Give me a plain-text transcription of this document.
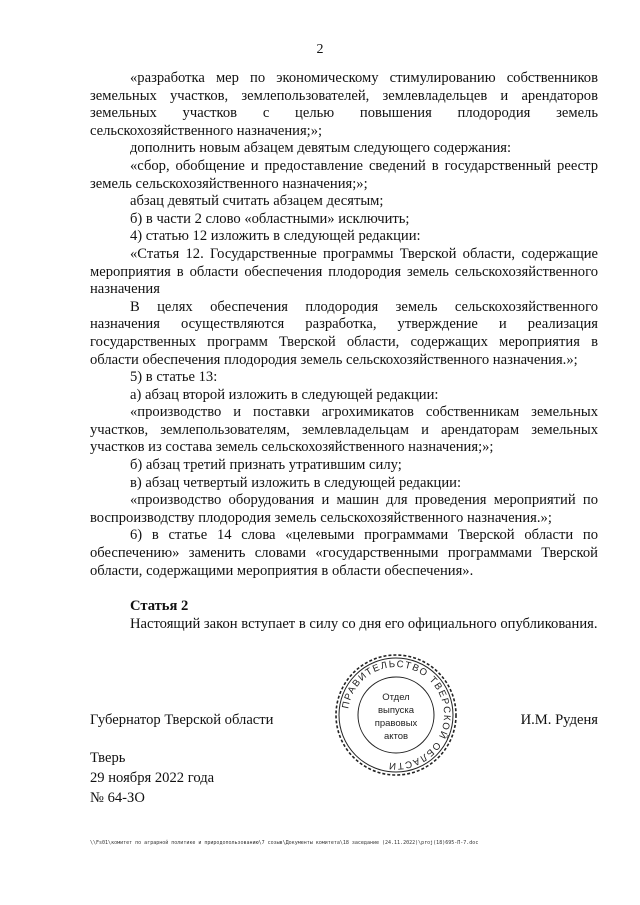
2

«разработка мер по экономическому стимулированию собственников земельных участков, землепользователей, землевладельцев и арендаторов земельных участков с целью повышения плодородия земель сельскохозяйственного назначения;»;

дополнить новым абзацем девятым следующего содержания:

«сбор, обобщение и предоставление сведений в государственный реестр земель сельскохозяйственного назначения;»;

абзац девятый считать абзацем десятым;

б) в части 2 слово «областными» исключить;

4) статью 12 изложить в следующей редакции:

«Статья 12. Государственные программы Тверской области, содержащие мероприятия в области обеспечения плодородия земель сельскохозяйственного назначения

В целях обеспечения плодородия земель сельскохозяйственного назначения осуществляются разработка, утверждение и реализация государственных программ Тверской области, содержащих мероприятия в области обеспечения плодородия земель сельскохозяйственного назначения.»;

5) в статье 13:

а) абзац второй изложить в следующей редакции:

«производство и поставки агрохимикатов собственникам земельных участков, землепользователям, землевладельцам и арендаторам земельных участков из состава земель сельскохозяйственного назначения;»;

б) абзац третий признать утратившим силу;

в) абзац четвертый изложить в следующей редакции:

«производство оборудования и машин для проведения мероприятий по воспроизводству плодородия земель сельскохозяйственного назначения.»;

6) в статье 14 слова «целевыми программами Тверской области по обеспечению» заменить словами «государственными программами Тверской области, содержащими мероприятия в области обеспечения».

Статья 2

Настоящий закон вступает в силу со дня его официального опубликования.

ПРАВИТЕЛЬСТВО ТВЕРСКОЙ ОБЛАСТИ
Отдел
выпуска
правовых
актов
Губернатор Тверской области	И.М. Руденя
Тверь
29 ноября 2022 года
№ 64-ЗО
\\Fs01\комитет по аграрной политике и природопользованию\7 созыв\Документы комитета\18 заседание (24.11.2022)\proj(18)695-П-7.doc
